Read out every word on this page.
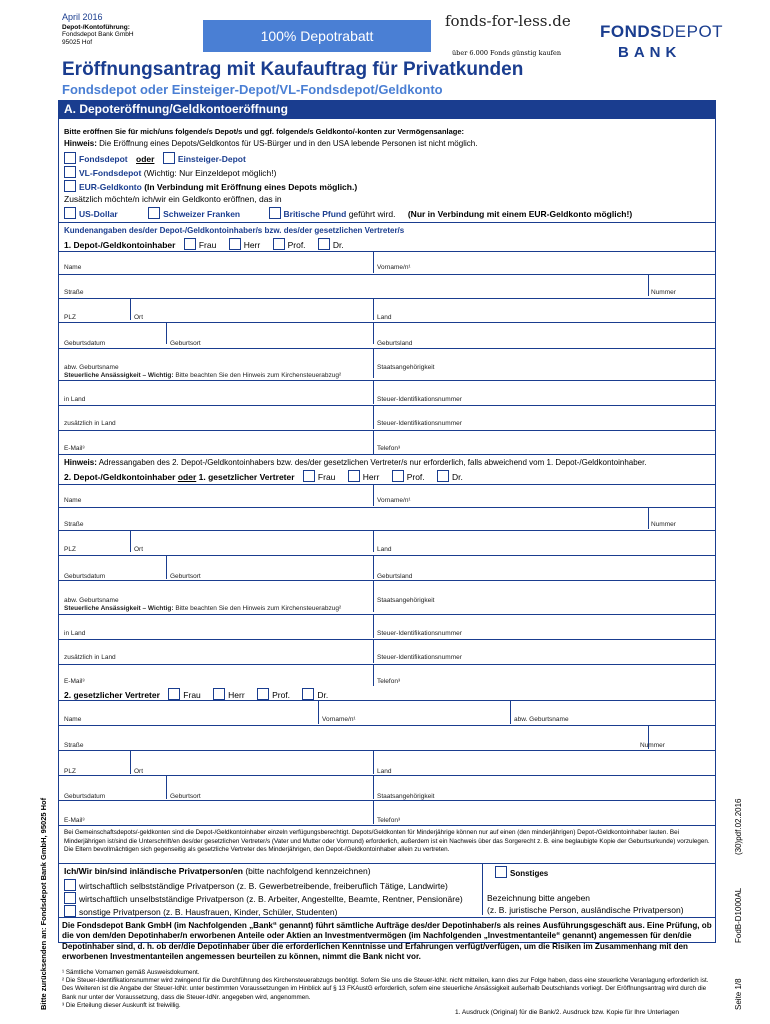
April 2016
Depot-/Kontoführung:
Fondsdepot Bank GmbH
95025 Hof	100% Depotrabatt
fonds-for-less.de
über 6.000 Fonds günstig kaufen
FONDSDEPOT
BANK
Eröffnungsantrag mit Kaufauftrag für Privatkunden
Fondsdepot oder Einsteiger-Depot/VL-Fondsdepot/Geldkonto
A. Depoteröffnung/Geldkontoeröffnung
Bitte eröffnen Sie für mich/uns folgende/s Depot/s und ggf. folgende/s Geldkonto/-konten zur Vermögensanlage:
Hinweis: Die Eröffnung eines Depots/Geldkontos für US-Bürger und in den USA lebende Personen ist nicht möglich.
Fondsdepot oder	Einsteiger-Depot
VL-Fondsdepot (Wichtig: Nur Einzeldepot möglich!)
EUR-Geldkonto (In Verbindung mit Eröffnung eines Depots möglich.)
Zusätzlich möchte/n ich/wir ein Geldkonto eröffnen, das in
US-Dollar	Schweizer Franken	Britische Pfund geführt wird. (Nur in Verbindung mit einem EUR-Geldkonto möglich!)
Kundenangaben des/der Depot-/Geldkontoinhaber/s bzw. des/der gesetzlichen Vertreter/s
1. Depot-/Geldkontoinhaber	Frau	Herr	Prof.	Dr.
Name	Vorname/n¹
Straße	Nummer
PLZ	Ort	Land
Geburtsdatum	Geburtsort	Geburtsland
abw. Geburtsname	Staatsangehörigkeit
Steuerliche Ansässigkeit – Wichtig: Bitte beachten Sie den Hinweis zum Kirchensteuerabzug²
in Land	Steuer-Identifikationsnummer
zusätzlich in Land	Steuer-Identifikationsnummer
E-Mail³	Telefon³
Hinweis: Adressangaben des 2. Depot-/Geldkontoinhabers bzw. des/der gesetzlichen Vertreter/s nur erforderlich, falls abweichend vom 1. Depot-/Geldkontoinhaber.
2. Depot-/Geldkontoinhaber oder 1. gesetzlicher Vertreter	Frau	Herr	Prof.	Dr.
Name	Vorname/n¹
Straße	Nummer
PLZ	Ort	Land
Geburtsdatum	Geburtsort	Geburtsland
abw. Geburtsname	Staatsangehörigkeit
Steuerliche Ansässigkeit – Wichtig: Bitte beachten Sie den Hinweis zum Kirchensteuerabzug²
in Land	Steuer-Identifikationsnummer
zusätzlich in Land	Steuer-Identifikationsnummer
E-Mail³	Telefon³
2. gesetzlicher Vertreter	Frau	Herr	Prof.	Dr.
Name	Vorname/n¹	abw. Geburtsname
Straße	Nummer
PLZ	Ort	Land
Geburtsdatum	Geburtsort	Staatsangehörigkeit
E-Mail³	Telefon³
Bei Gemeinschaftsdepots/-geldkonten sind die Depot-/Geldkontoinhaber einzeln verfügungsberechtigt. Depots/Geldkonten für Minderjährige können nur auf einen (den minderjährigen) Depot-/Geldkontoinhaber lauten. Bei Minderjährigen ist/sind die Unterschrift/en des/der gesetzlichen Vertreter/s (Vater und Mutter oder Vormund) erforderlich, außerdem ist ein Nachweis über das Sorgerecht z. B. eine beglaubigte Kopie der Geburtsurkunde) vorzulegen. Die Eltern bevollmächtigen sich gegenseitig als gesetzliche Vertreter des Minderjährigen, den Depot-/Geldkontoinhaber allein zu vertreten.
Ich/Wir bin/sind inländische Privatperson/en (bitte nachfolgend kennzeichnen)
wirtschaftlich selbstständige Privatperson (z. B. Gewerbetreibende, freiberuflich Tätige, Landwirte)
wirtschaftlich unselbstständige Privatperson (z. B. Arbeiter, Angestellte, Beamte, Rentner, Pensionäre)
sonstige Privatperson (z. B. Hausfrauen, Kinder, Schüler, Studenten)
Sonstiges
Bezeichnung bitte angeben
(z. B. juristische Person, ausländische Privatperson)
Die Fondsdepot Bank GmbH (im Nachfolgenden „Bank“ genannt) führt sämtliche Aufträge des/der Depotinhaber/s als reines Ausführungsgeschäft aus. Eine Prüfung, ob die von dem/den Depotinhaber/n erworbenen Anteile oder Aktien an Investmentvermögen (im Nachfolgenden „Investmentanteile“ genannt) angemessen für den/die Depotinhaber sind, d. h. ob der/die Depotinhaber über die erforderlichen Kenntnisse und Erfahrungen verfügt/verfügen, um die Risiken im Zusammenhang mit den erworbenen Investmentanteilen angemessen beurteilen zu können, nimmt die Bank nicht vor.
¹ Sämtliche Vornamen gemäß Ausweisdokument.
² Die Steuer-Identifikationsnummer wird zwingend für die Durchführung des Kirchensteuerabzugs benötigt. Sofern Sie uns die Steuer-IdNr. nicht mitteilen, kann dies zur Folge haben, dass eine steuerliche Veranlagung erforderlich ist. Des Weiteren ist die Angabe der Steuer-IdNr. unter bestimmten Voraussetzungen im Hinblick auf § 13 FKAustG erforderlich, sofern eine steuerliche Ansässigkeit außerhalb Deutschlands vorliegt. Der Eröffnungsantrag wird durch die Bank nur unter der Voraussetzung, dass die Steuer-IdNr. angegeben wird, angenommen.
³ Die Erteilung dieser Auskunft ist freiwillig.
1. Ausdruck (Original) für die Bank/2. Ausdruck bzw. Kopie für Ihre Unterlagen
Bitte zurücksenden an: Fondsdepot Bank GmbH, 95025 Hof	Seite 1/8
FodB-D1000AL
(30)pdf.02.2016
